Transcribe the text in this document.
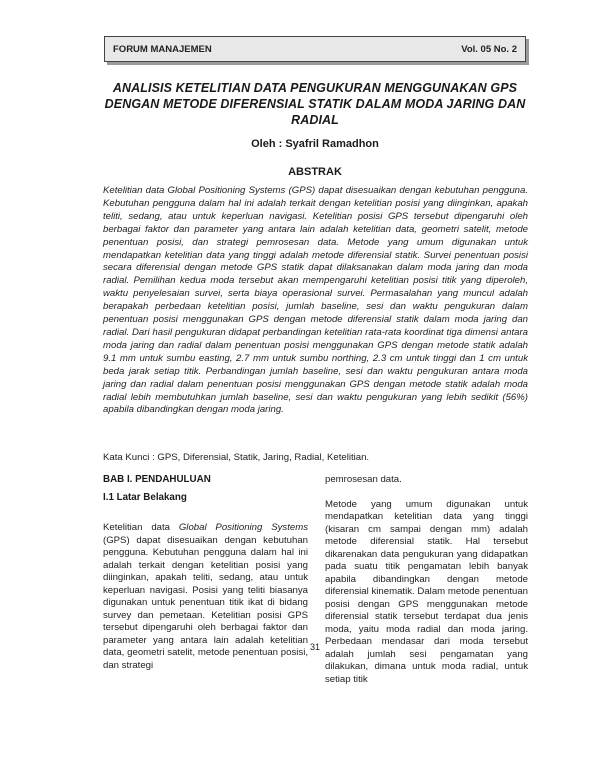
FORUM MANAJEMEN	Vol. 05 No. 2
ANALISIS KETELITIAN DATA PENGUKURAN MENGGUNAKAN GPS DENGAN METODE DIFERENSIAL STATIK DALAM MODA JARING DAN RADIAL
Oleh : Syafril Ramadhon
ABSTRAK
Ketelitian data Global Positioning Systems (GPS) dapat disesuaikan dengan kebutuhan pengguna. Kebutuhan pengguna dalam hal ini adalah terkait dengan ketelitian posisi yang diinginkan, apakah teliti, sedang, atau untuk keperluan navigasi. Ketelitian posisi GPS tersebut dipengaruhi oleh berbagai faktor dan parameter yang antara lain adalah ketelitian data, geometri satelit, metode penentuan posisi, dan strategi pemrosesan data. Metode yang umum digunakan untuk mendapatkan ketelitian data yang tinggi adalah metode diferensial statik. Survei penentuan posisi secara diferensial dengan metode GPS statik dapat dilaksanakan dalam moda jaring dan moda radial. Pemilihan kedua moda tersebut akan mempengaruhi ketelitian posisi titik yang diperoleh, waktu penyelesaian survei, serta biaya operasional survei. Permasalahan yang muncul adalah berapakah perbedaan ketelitian posisi, jumlah baseline, sesi dan waktu pengukuran dalam penentuan posisi menggunakan GPS dengan metode diferensial statik dalam moda jaring dan radial. Dari hasil pengukuran didapat perbandingan ketelitian rata-rata koordinat tiga dimensi antara moda jaring dan radial dalam penentuan posisi menggunakan GPS dengan metode statik adalah 9.1 mm untuk sumbu easting, 2.7 mm untuk sumbu northing, 2.3 cm untuk tinggi dan 1 cm untuk beda jarak setiap titik. Perbandingan jumlah baseline, sesi dan waktu pengukuran antara moda jaring dan radial dalam penentuan posisi menggunakan GPS dengan metode statik adalah moda radial lebih membutuhkan jumlah baseline, sesi dan waktu pengukuran yang lebih sedikit (56%) apabila dibandingkan dengan moda jaring.
Kata Kunci : GPS, Diferensial, Statik, Jaring, Radial, Ketelitian.

BAB I. PENDAHULUAN

I.1 Latar Belakang

Ketelitian data Global Positioning Systems (GPS) dapat disesuaikan dengan kebutuhan pengguna. Kebutuhan pengguna dalam hal ini adalah terkait dengan ketelitian posisi yang diinginkan, apakah teliti, sedang, atau untuk keperluan navigasi. Posisi yang teliti biasanya digunakan untuk penentuan titik ikat di bidang survey dan pemetaan. Ketelitian posisi GPS tersebut dipengaruhi oleh berbagai faktor dan parameter yang antara lain adalah ketelitian data, geometri satelit, metode penentuan posisi, dan strategi

pemrosesan data.

Metode yang umum digunakan untuk mendapatkan ketelitian data yang tinggi (kisaran cm sampai dengan mm) adalah metode diferensial statik. Hal tersebut dikarenakan data pengukuran yang didapatkan pada suatu titik pengamatan lebih banyak apabila dibandingkan dengan metode diferensial kinematik. Dalam metode penentuan posisi dengan GPS menggunakan metode diferensial statik tersebut terdapat dua jenis moda, yaitu moda radial dan moda jaring. Perbedaan mendasar dari moda tersebut adalah jumlah sesi pengamatan yang dilakukan, dimana untuk moda radial, untuk setiap titik

31
